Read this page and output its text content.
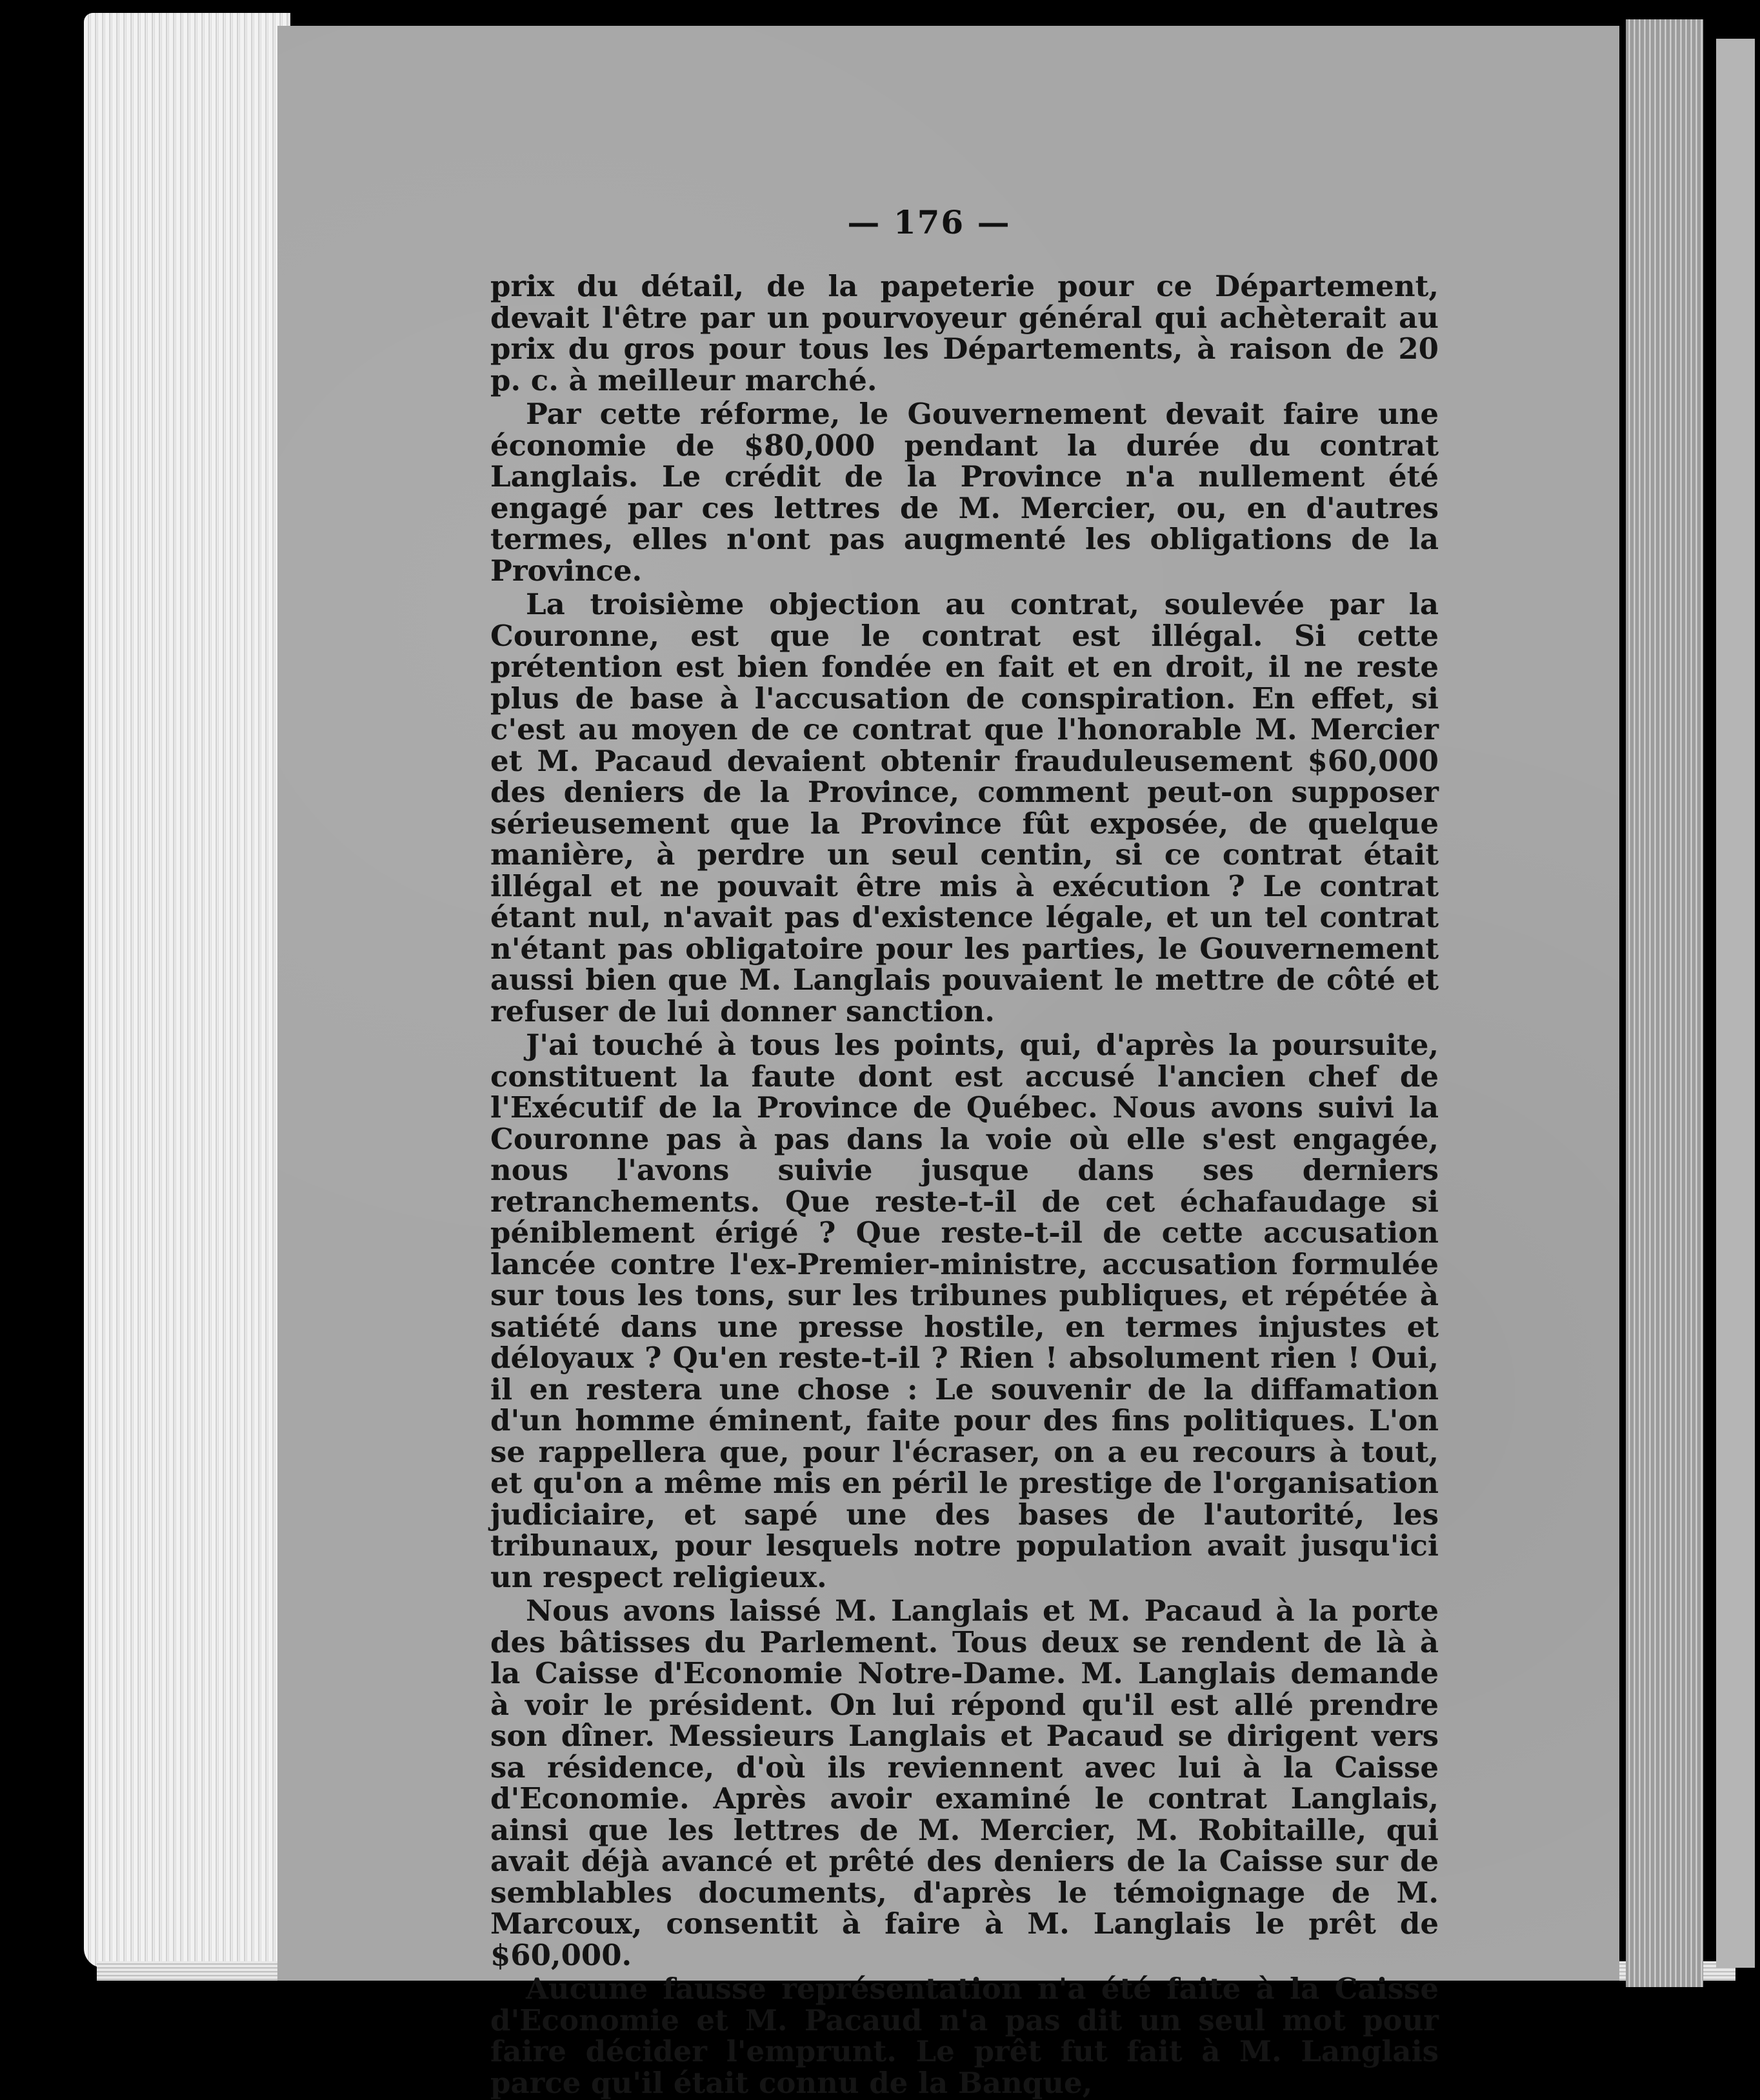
— 176 —

prix du détail, de la papeterie pour ce Département, devait l'être par un pourvoyeur général qui achèterait au prix du gros pour tous les Départements, à raison de 20 p. c. à meilleur marché.

Par cette réforme, le Gouvernement devait faire une économie de $80,000 pendant la durée du contrat Langlais. Le crédit de la Province n'a nullement été engagé par ces lettres de M. Mercier, ou, en d'autres termes, elles n'ont pas augmenté les obligations de la Province.

La troisième objection au contrat, soulevée par la Couronne, est que le contrat est illégal. Si cette prétention est bien fondée en fait et en droit, il ne reste plus de base à l'accusation de conspiration. En effet, si c'est au moyen de ce contrat que l'honorable M. Mercier et M. Pacaud devaient obtenir frauduleusement $60,000 des deniers de la Province, comment peut-on supposer sérieusement que la Province fût exposée, de quelque manière, à perdre un seul centin, si ce contrat était illégal et ne pouvait être mis à exécution ? Le contrat étant nul, n'avait pas d'existence légale, et un tel contrat n'étant pas obligatoire pour les parties, le Gouvernement aussi bien que M. Langlais pouvaient le mettre de côté et refuser de lui donner sanction.

J'ai touché à tous les points, qui, d'après la poursuite, constituent la faute dont est accusé l'ancien chef de l'Exécutif de la Province de Québec. Nous avons suivi la Couronne pas à pas dans la voie où elle s'est engagée, nous l'avons suivie jusque dans ses derniers retranchements. Que reste-t-il de cet échafaudage si péniblement érigé ? Que reste-t-il de cette accusation lancée contre l'ex-Premier-ministre, accusation formulée sur tous les tons, sur les tribunes publiques, et répétée à satiété dans une presse hostile, en termes injustes et déloyaux ? Qu'en reste-t-il ? Rien ! absolument rien ! Oui, il en restera une chose : Le souvenir de la diffamation d'un homme éminent, faite pour des fins politiques. L'on se rappellera que, pour l'écraser, on a eu recours à tout, et qu'on a même mis en péril le prestige de l'organisation judiciaire, et sapé une des bases de l'autorité, les tribunaux, pour lesquels notre population avait jusqu'ici un respect religieux.

Nous avons laissé M. Langlais et M. Pacaud à la porte des bâtisses du Parlement. Tous deux se rendent de là à la Caisse d'Economie Notre-Dame. M. Langlais demande à voir le président. On lui répond qu'il est allé prendre son dîner. Messieurs Langlais et Pacaud se dirigent vers sa résidence, d'où ils reviennent avec lui à la Caisse d'Economie. Après avoir examiné le contrat Langlais, ainsi que les lettres de M. Mercier, M. Robitaille, qui avait déjà avancé et prêté des deniers de la Caisse sur de semblables documents, d'après le témoignage de M. Marcoux, consentit à faire à M. Langlais le prêt de $60,000.

Aucune fausse représentation n'a été faite à la Caisse d'Economie et M. Pacaud n'a pas dit un seul mot pour faire décider l'emprunt. Le prêt fut fait à M. Langlais parce qu'il était connu de la Banque,
